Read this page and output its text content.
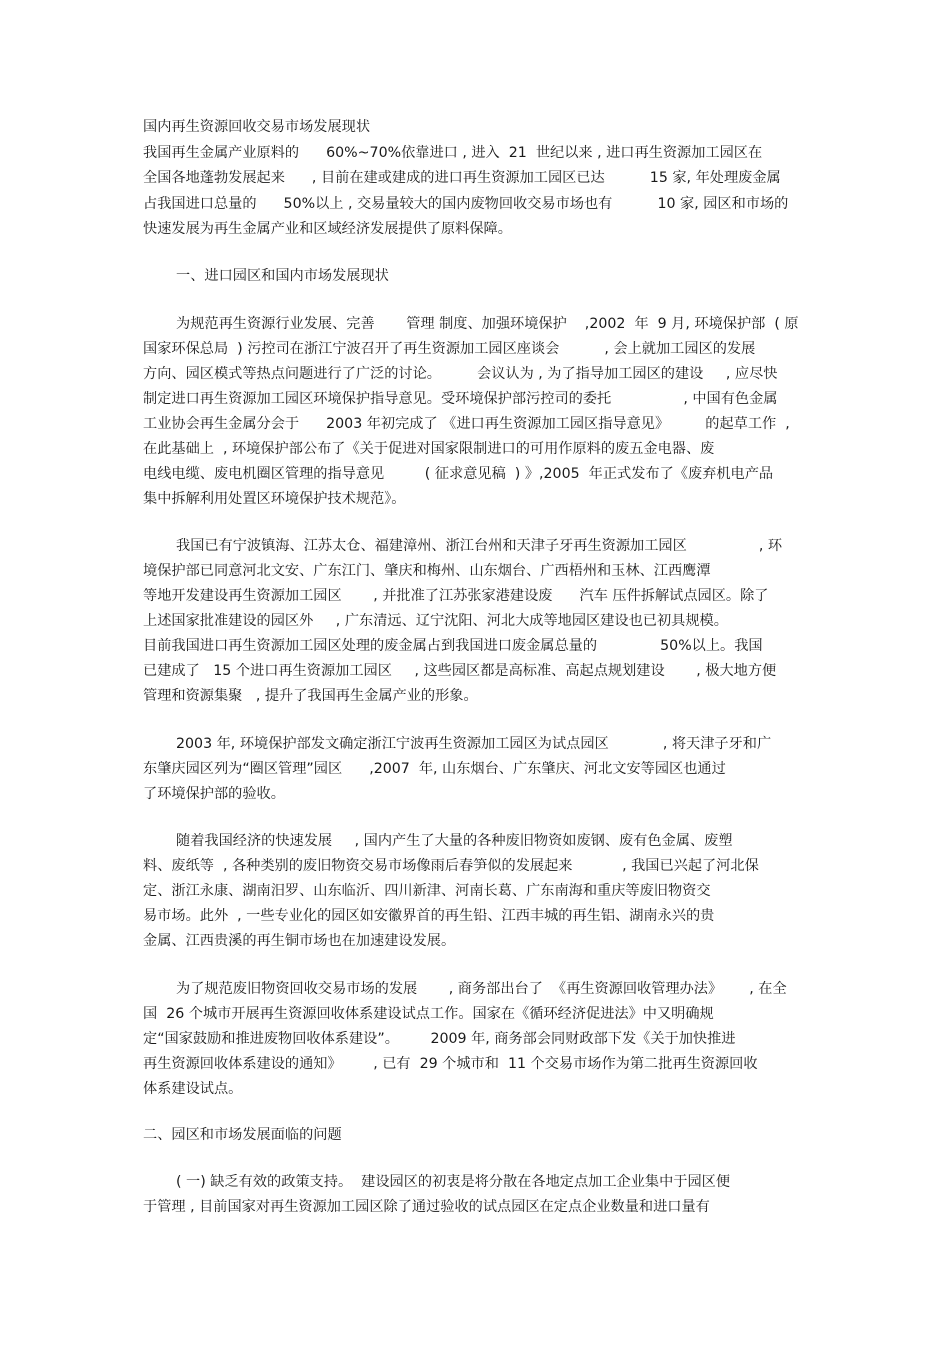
国内再生资源回收交易市场发展现状
我国再生金属产业原料的      60%~70%依靠进口 , 进入  21  世纪以来 , 进口再生资源加工园区在
全国各地蓬勃发展起来      , 目前在建或建成的进口再生资源加工园区已达          15 家, 年处理废金属
占我国进口总量的      50%以上 , 交易量较大的国内废物回收交易市场也有          10 家, 园区和市场的
快速发展为再生金属产业和区域经济发展提供了原料保障。
一、进口园区和国内市场发展现状
为规范再生资源行业发展、完善       管理 制度、加强环境保护    ,2002  年  9 月, 环境保护部  ( 原
国家环保总局  ) 污控司在浙江宁波召开了再生资源加工园区座谈会          , 会上就加工园区的发展
方向、园区模式等热点问题进行了广泛的讨论。        会议认为 , 为了指导加工园区的建设     , 应尽快
制定进口再生资源加工园区环境保护指导意见。受环境保护部污控司的委托                , 中国有色金属
工业协会再生金属分会于      2003 年初完成了 《进口再生资源加工园区指导意见》        的起草工作  ,
在此基础上  , 环境保护部公布了《关于促进对国家限制进口的可用作原料的废五金电器、废
电线电缆、废电机圈区管理的指导意见         ( 征求意见稿  ) 》,2005  年正式发布了《废弃机电产品
集中拆解利用处置区环境保护技术规范》。
我国已有宁波镇海、江苏太仓、福建漳州、浙江台州和天津子牙再生资源加工园区                , 环
境保护部已同意河北文安、广东江门、肇庆和梅州、山东烟台、广西梧州和玉林、江西鹰潭
等地开发建设再生资源加工园区       , 并批准了江苏张家港建设废      汽车 压件拆解试点园区。除了
上述国家批准建设的园区外     , 广东清远、辽宁沈阳、河北大成等地园区建设也已初具规模。
目前我国进口再生资源加工园区处理的废金属占到我国进口废金属总量的              50%以上。我国
已建成了   15 个进口再生资源加工园区     , 这些园区都是高标准、高起点规划建设       , 极大地方便
管理和资源集聚   , 提升了我国再生金属产业的形象。
2003 年, 环境保护部发文确定浙江宁波再生资源加工园区为试点园区            , 将天津子牙和广
东肇庆园区列为“圈区管理”园区      ,2007  年, 山东烟台、广东肇庆、河北文安等园区也通过
了环境保护部的验收。
随着我国经济的快速发展     , 国内产生了大量的各种废旧物资如废钢、废有色金属、废塑
料、废纸等  , 各种类别的废旧物资交易市场像雨后春笋似的发展起来           , 我国已兴起了河北保
定、浙江永康、湖南汨罗、山东临沂、四川新津、河南长葛、广东南海和重庆等废旧物资交
易市场。此外  , 一些专业化的园区如安徽界首的再生铅、江西丰城的再生铝、湖南永兴的贵
金属、江西贵溪的再生铜市场也在加速建设发展。
为了规范废旧物资回收交易市场的发展       , 商务部出台了  《再生资源回收管理办法》      , 在全
国  26 个城市开展再生资源回收体系建设试点工作。国家在《循环经济促进法》中又明确规
定“国家鼓励和推进废物回收体系建设”。       2009 年, 商务部会同财政部下发《关于加快推进
再生资源回收体系建设的通知》       , 已有  29 个城市和  11 个交易市场作为第二批再生资源回收
体系建设试点。
二、园区和市场发展面临的问题
( 一) 缺乏有效的政策支持。  建设园区的初衷是将分散在各地定点加工企业集中于园区便
于管理 , 目前国家对再生资源加工园区除了通过验收的试点园区在定点企业数量和进口量有
